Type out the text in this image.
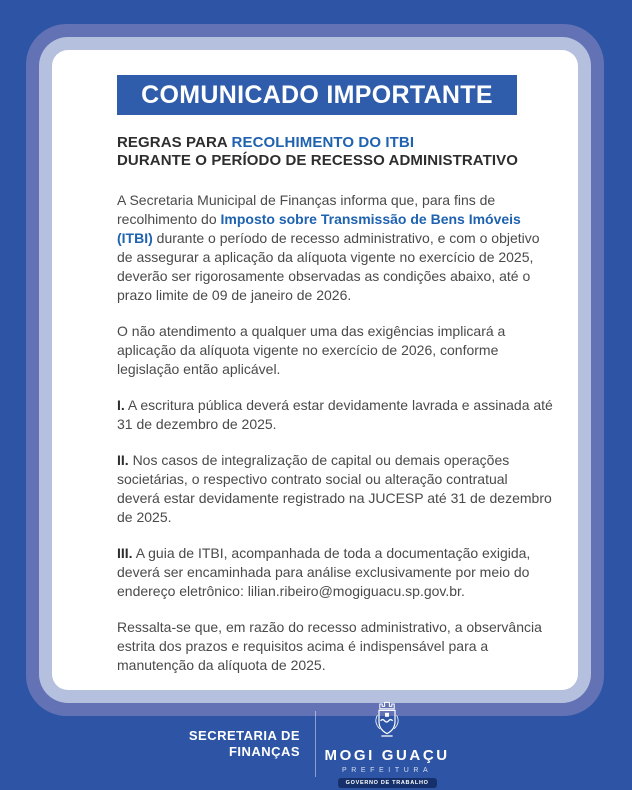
COMUNICADO IMPORTANTE
REGRAS PARA RECOLHIMENTO DO ITBI
DURANTE O PERÍODO DE RECESSO ADMINISTRATIVO

A Secretaria Municipal de Finanças informa que, para fins de recolhimento do Imposto sobre Transmissão de Bens Imóveis (ITBI) durante o período de recesso administrativo, e com o objetivo de assegurar a aplicação da alíquota vigente no exercício de 2025, deverão ser rigorosamente observadas as condições abaixo, até o prazo limite de 09 de janeiro de 2026.

O não atendimento a qualquer uma das exigências implicará a aplicação da alíquota vigente no exercício de 2026, conforme legislação então aplicável.

I. A escritura pública deverá estar devidamente lavrada e assinada até 31 de dezembro de 2025.

II. Nos casos de integralização de capital ou demais operações societárias, o respectivo contrato social ou alteração contratual deverá estar devidamente registrado na JUCESP até 31 de dezembro de 2025.

III. A guia de ITBI, acompanhada de toda a documentação exigida, deverá ser encaminhada para análise exclusivamente por meio do endereço eletrônico: lilian.ribeiro@mogiguacu.sp.gov.br.

Ressalta-se que, em razão do recesso administrativo, a observância estrita dos prazos e requisitos acima é indispensável para a manutenção da alíquota de 2025.

SECRETARIA DE
FINANÇAS MOGI GUAÇU
PREFEITURA
GOVERNO DE TRABALHO
